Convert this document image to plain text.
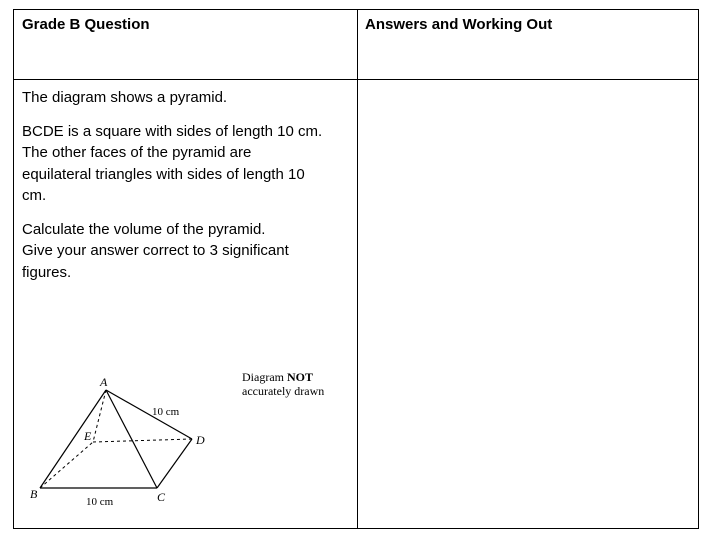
Grade B Question	Answers and Working Out

The diagram shows a pyramid.

BCDE is a square with sides of length 10 cm.
The other faces of the pyramid are
equilateral triangles with sides of length 10
cm.

Calculate the volume of the pyramid.
Give your answer correct to 3 significant
figures.

A
B	C
D
E
10 cm
10 cm
Diagram NOT
accurately drawn
